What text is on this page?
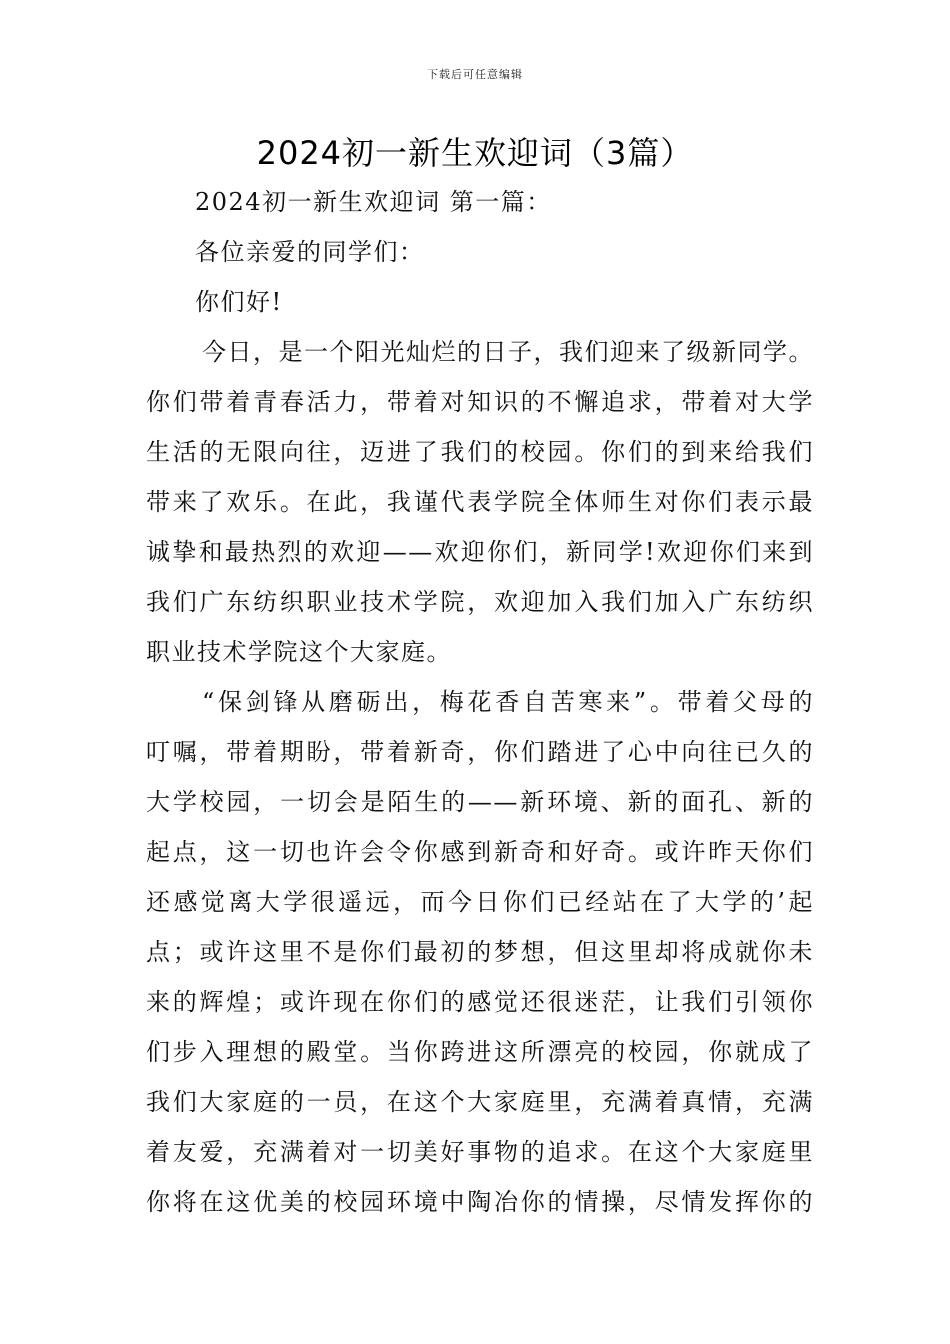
下载后可任意编辑
2024初一新生欢迎词（3篇）

2024初一新生欢迎词 第一篇：

各位亲爱的同学们：

你们好!

今日，是一个阳光灿烂的日子，我们迎来了级新同学。

你们带着青春活力，带着对知识的不懈追求，带着对大学

生活的无限向往，迈进了我们的校园。你们的到来给我们

带来了欢乐。在此，我谨代表学院全体师生对你们表示最

诚挚和最热烈的欢迎——欢迎你们，新同学!欢迎你们来到

我们广东纺织职业技术学院，欢迎加入我们加入广东纺织

职业技术学院这个大家庭。

“保剑锋从磨砺出，梅花香自苦寒来”。带着父母的

叮嘱，带着期盼，带着新奇，你们踏进了心中向往已久的

大学校园，一切会是陌生的——新环境、新的面孔、新的

起点，这一切也许会令你感到新奇和好奇。或许昨天你们

还感觉离大学很遥远，而今日你们已经站在了大学的’起

点；或许这里不是你们最初的梦想，但这里却将成就你未

来的辉煌；或许现在你们的感觉还很迷茫，让我们引领你

们步入理想的殿堂。当你跨进这所漂亮的校园，你就成了

我们大家庭的一员，在这个大家庭里，充满着真情，充满

着友爱，充满着对一切美好事物的追求。在这个大家庭里

你将在这优美的校园环境中陶冶你的情操，尽情发挥你的
